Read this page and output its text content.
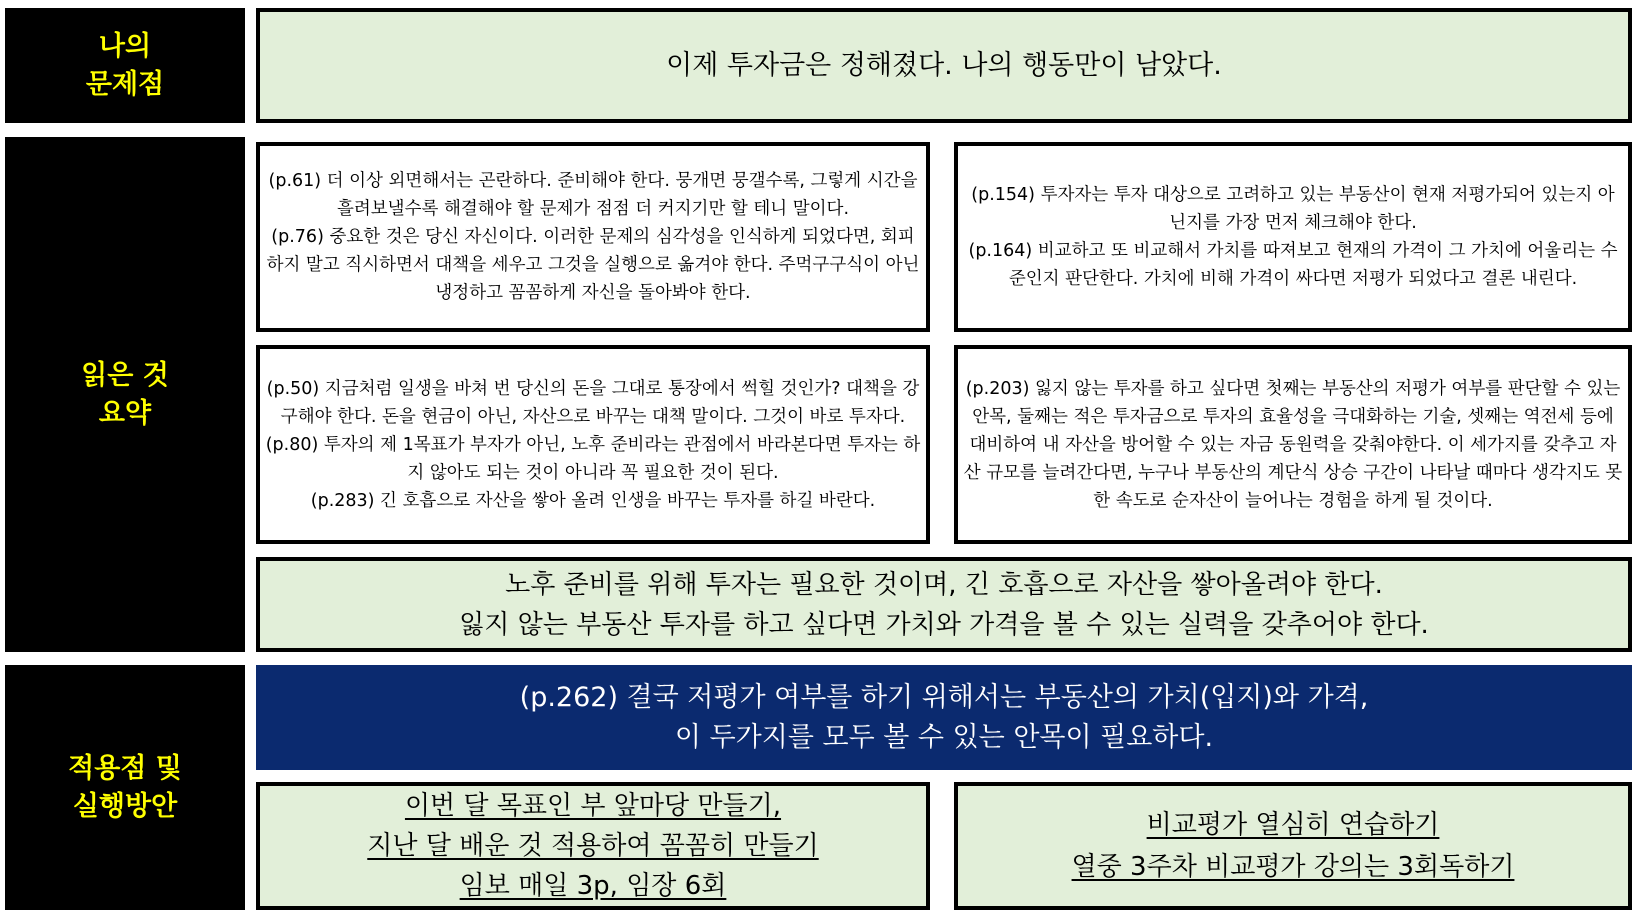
나의
문제점
이제 투자금은 정해졌다. 나의 행동만이 남았다.
읽은 것
요약
(p.61) 더 이상 외면해서는 곤란하다. 준비해야 한다. 뭉개면 뭉갤수록, 그렇게 시간을
흘려보낼수록 해결해야 할 문제가 점점 더 커지기만 할 테니 말이다.
(p.76) 중요한 것은 당신 자신이다. 이러한 문제의 심각성을 인식하게 되었다면, 회피
하지 말고 직시하면서 대책을 세우고 그것을 실행으로 옮겨야 한다. 주먹구구식이 아닌
냉정하고 꼼꼼하게 자신을 돌아봐야 한다.
(p.154) 투자자는 투자 대상으로 고려하고 있는 부동산이 현재 저평가되어 있는지 아
닌지를 가장 먼저 체크해야 한다.
(p.164) 비교하고 또 비교해서 가치를 따져보고 현재의 가격이 그 가치에 어울리는 수
준인지 판단한다. 가치에 비해 가격이 싸다면 저평가 되었다고 결론 내린다.
(p.50) 지금처럼 일생을 바쳐 번 당신의 돈을 그대로 통장에서 썩힐 것인가? 대책을 강
구해야 한다. 돈을 현금이 아닌, 자산으로 바꾸는 대책 말이다. 그것이 바로 투자다.
(p.80) 투자의 제 1목표가 부자가 아닌, 노후 준비라는 관점에서 바라본다면 투자는 하
지 않아도 되는 것이 아니라 꼭 필요한 것이 된다.
(p.283) 긴 호흡으로 자산을 쌓아 올려 인생을 바꾸는 투자를 하길 바란다.
(p.203) 잃지 않는 투자를 하고 싶다면 첫째는 부동산의 저평가 여부를 판단할 수 있는
안목, 둘째는 적은 투자금으로 투자의 효율성을 극대화하는 기술, 셋째는 역전세 등에
대비하여 내 자산을 방어할 수 있는 자금 동원력을 갖춰야한다. 이 세가지를 갖추고 자
산 규모를 늘려간다면, 누구나 부동산의 계단식 상승 구간이 나타날 때마다 생각지도 못
한 속도로 순자산이 늘어나는 경험을 하게 될 것이다.
노후 준비를 위해 투자는 필요한 것이며, 긴 호흡으로 자산을 쌓아올려야 한다.
잃지 않는 부동산 투자를 하고 싶다면 가치와 가격을 볼 수 있는 실력을 갖추어야 한다.
적용점 및
실행방안
(p.262) 결국 저평가 여부를 하기 위해서는 부동산의 가치(입지)와 가격,
이 두가지를 모두 볼 수 있는 안목이 필요하다.
이번 달 목표인 부 앞마당 만들기,
지난 달 배운 것 적용하여 꼼꼼히 만들기
임보 매일 3p, 임장 6회
비교평가 열심히 연습하기
열중 3주차 비교평가 강의는 3회독하기
